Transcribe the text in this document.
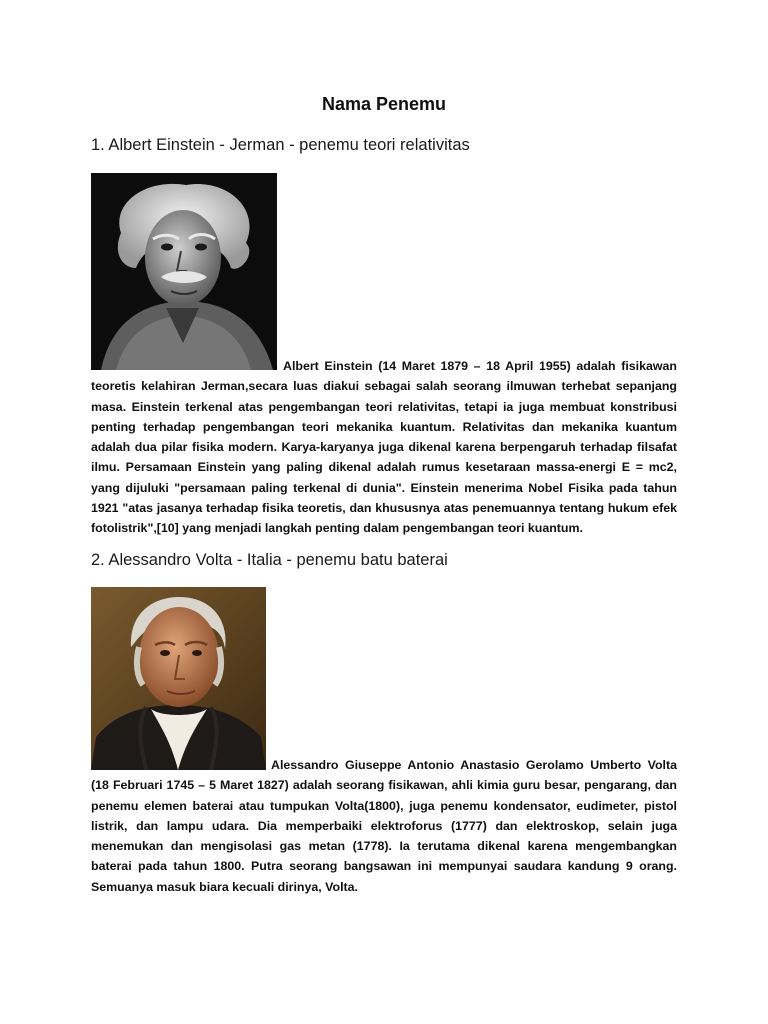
Nama Penemu
1. Albert Einstein - Jerman - penemu teori relativitas
Albert Einstein (14 Maret 1879 – 18 April 1955) adalah fisikawan teoretis kelahiran Jerman,secara luas diakui sebagai salah seorang ilmuwan terhebat sepanjang masa. Einstein terkenal atas pengembangan teori relativitas, tetapi ia juga membuat konstribusi penting terhadap pengembangan teori mekanika kuantum. Relativitas dan mekanika kuantum adalah dua pilar fisika modern. Karya-karyanya juga dikenal karena berpengaruh terhadap filsafat ilmu. Persamaan Einstein yang paling dikenal adalah rumus kesetaraan massa-energi E = mc2, yang dijuluki "persamaan paling terkenal di dunia". Einstein menerima Nobel Fisika pada tahun 1921 "atas jasanya terhadap fisika teoretis, dan khususnya atas penemuannya tentang hukum efek fotolistrik",[10] yang menjadi langkah penting dalam pengembangan teori kuantum.
2. Alessandro Volta - Italia - penemu batu baterai
Alessandro Giuseppe Antonio Anastasio Gerolamo Umberto Volta (18 Februari 1745 – 5 Maret 1827) adalah seorang fisikawan, ahli kimia guru besar, pengarang, dan penemu elemen baterai atau tumpukan Volta(1800), juga penemu kondensator, eudimeter, pistol listrik, dan lampu udara. Dia memperbaiki elektroforus (1777) dan elektroskop, selain juga menemukan dan mengisolasi gas metan (1778). Ia terutama dikenal karena mengembangkan baterai pada tahun 1800. Putra seorang bangsawan ini mempunyai saudara kandung 9 orang. Semuanya masuk biara kecuali dirinya, Volta.
